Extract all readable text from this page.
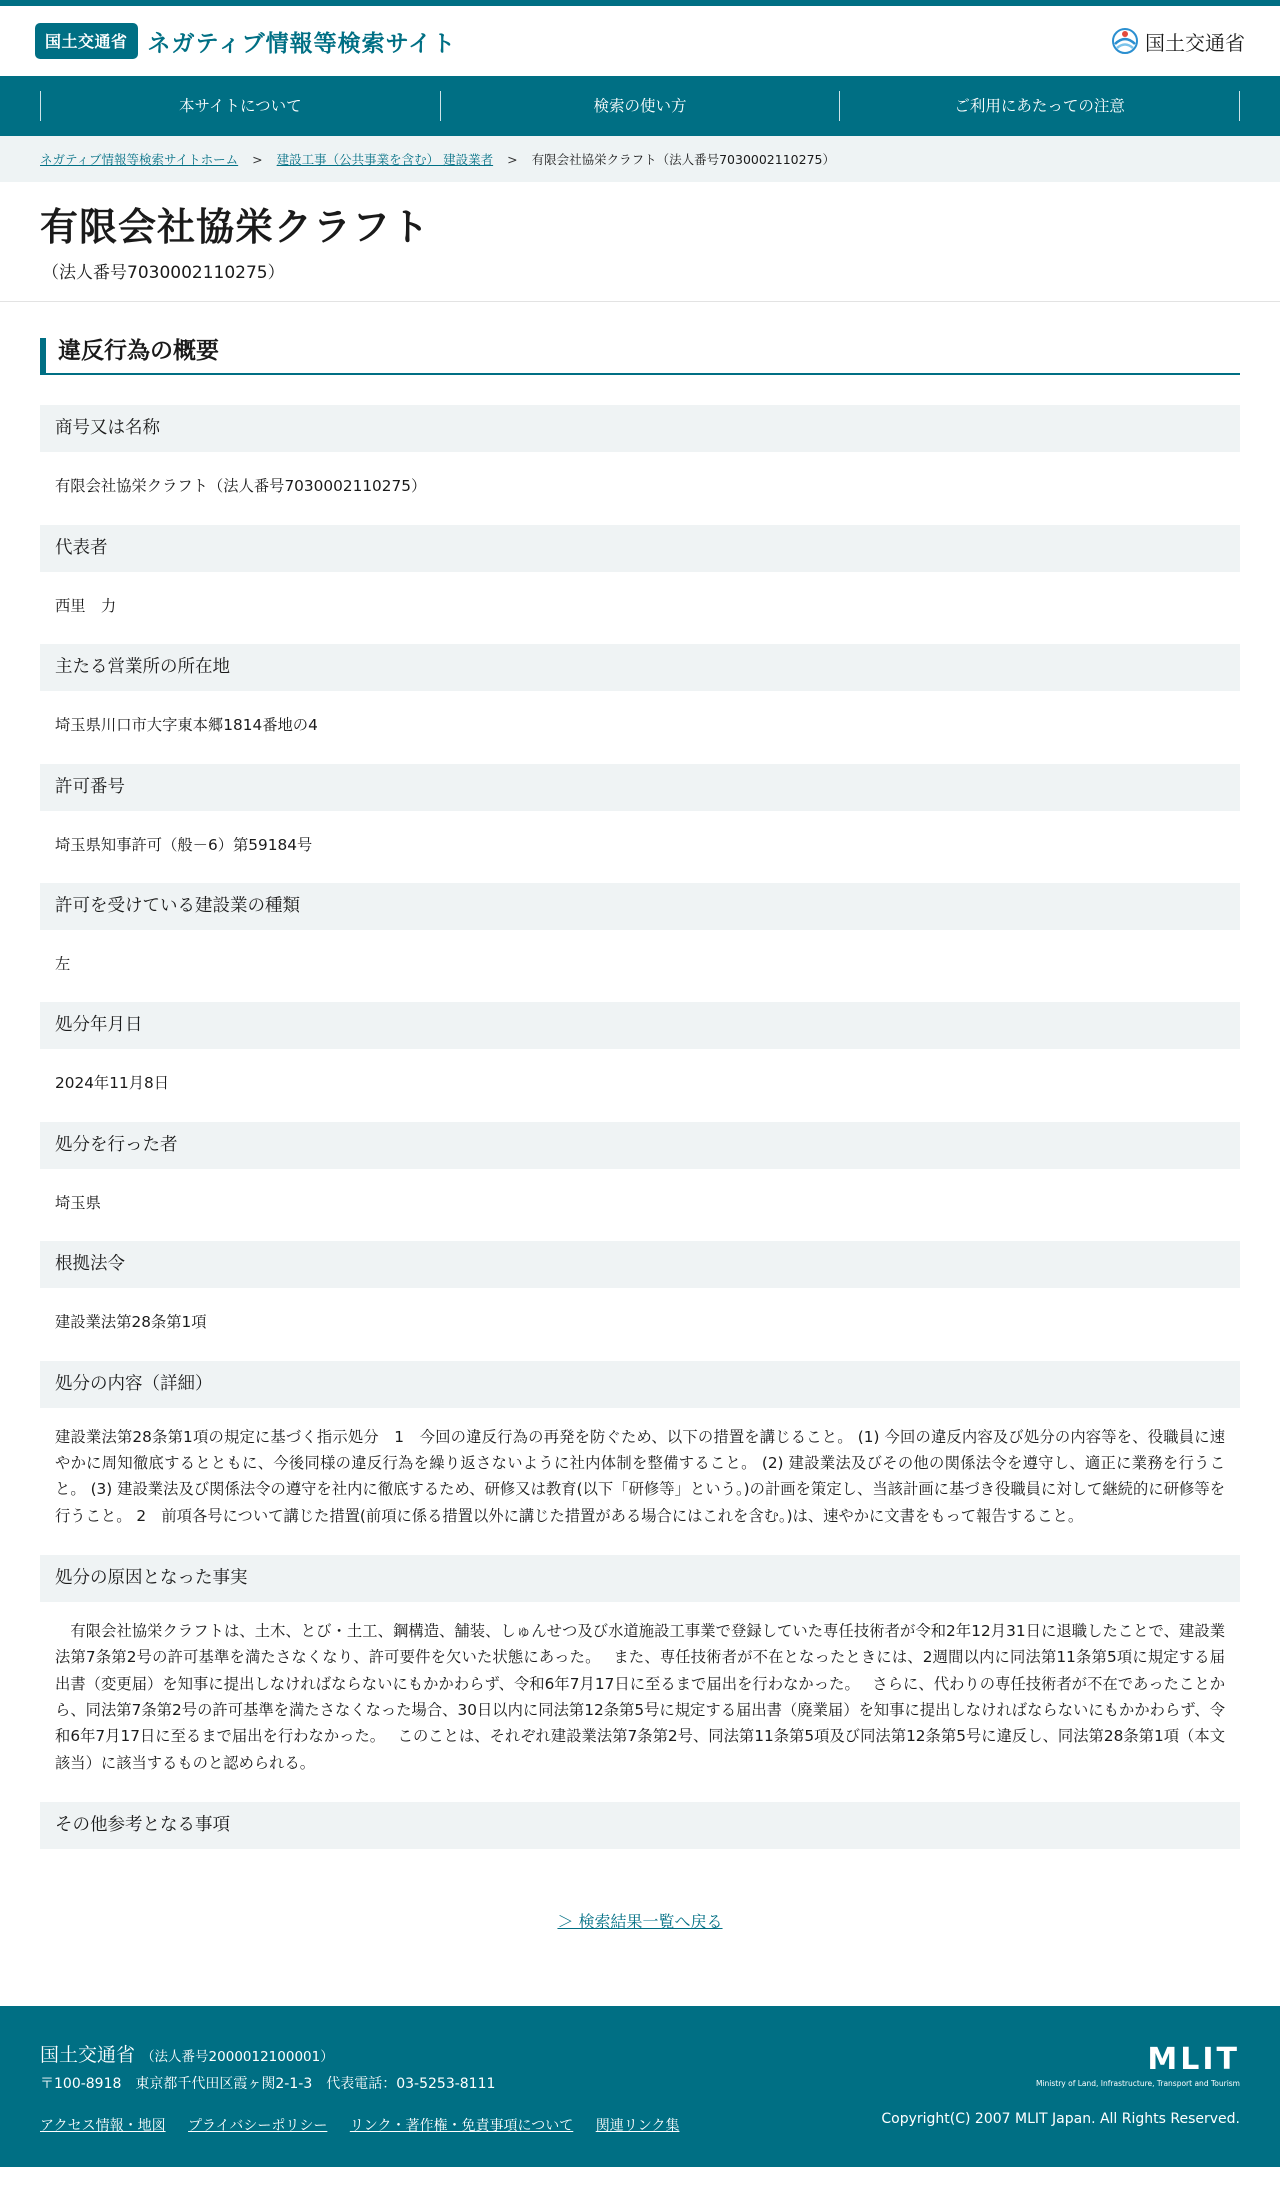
国土交通省 ネガティブ情報等検索サイト	国土交通省
本サイトについて	検索の使い方	ご利用にあたっての注意
ネガティブ情報等検索サイトホーム > 建設工事（公共事業を含む） 建設業者 > 有限会社協栄クラフト（法人番号7030002110275）
有限会社協栄クラフト
（法人番号7030002110275）
違反行為の概要
商号又は名称
有限会社協栄クラフト（法人番号7030002110275）
代表者
西里　力
主たる営業所の所在地
埼玉県川口市大字東本郷1814番地の4
許可番号
埼玉県知事許可（般－6）第59184号
許可を受けている建設業の種類
左
処分年月日
2024年11月8日
処分を行った者
埼玉県
根拠法令
建設業法第28条第1項
処分の内容（詳細）
建設業法第28条第1項の規定に基づく指示処分　1　今回の違反行為の再発を防ぐため、以下の措置を講じること。 (1) 今回の違反内容及び処分の内容等を、役職員に速やかに周知徹底するとともに、今後同様の違反行為を繰り返さないように社内体制を整備すること。 (2) 建設業法及びその他の関係法令を遵守し、適正に業務を行うこと。 (3) 建設業法及び関係法令の遵守を社内に徹底するため、研修又は教育(以下「研修等」という。)の計画を策定し、当該計画に基づき役職員に対して継続的に研修等を行うこと。 2　前項各号について講じた措置(前項に係る措置以外に講じた措置がある場合にはこれを含む。)は、速やかに文書をもって報告すること。
処分の原因となった事実
　有限会社協栄クラフトは、土木、とび・土工、鋼構造、舗装、しゅんせつ及び水道施設工事業で登録していた専任技術者が令和2年12月31日に退職したことで、建設業法第7条第2号の許可基準を満たさなくなり、許可要件を欠いた状態にあった。　 また、専任技術者が不在となったときには、2週間以内に同法第11条第5項に規定する届出書（変更届）を知事に提出しなければならないにもかかわらず、令和6年7月17日に至るまで届出を行わなかった。　 さらに、代わりの専任技術者が不在であったことから、同法第7条第2号の許可基準を満たさなくなった場合、30日以内に同法第12条第5号に規定する届出書（廃業届）を知事に提出しなければならないにもかかわらず、令和6年7月17日に至るまで届出を行わなかった。　 このことは、それぞれ建設業法第7条第2号、同法第11条第5項及び同法第12条第5号に違反し、同法第28条第1項（本文該当）に該当するものと認められる。
その他参考となる事項
＞ 検索結果一覧へ戻る
国土交通省 （法人番号2000012100001）
〒100-8918　東京都千代田区霞ヶ関2-1-3　代表電話：03-5253-8111
アクセス情報・地図 プライバシーポリシー リンク・著作権・免責事項について 関連リンク集
MLIT
Ministry of Land, Infrastructure, Transport and Tourism
Copyright(C) 2007 MLIT Japan. All Rights Reserved.
